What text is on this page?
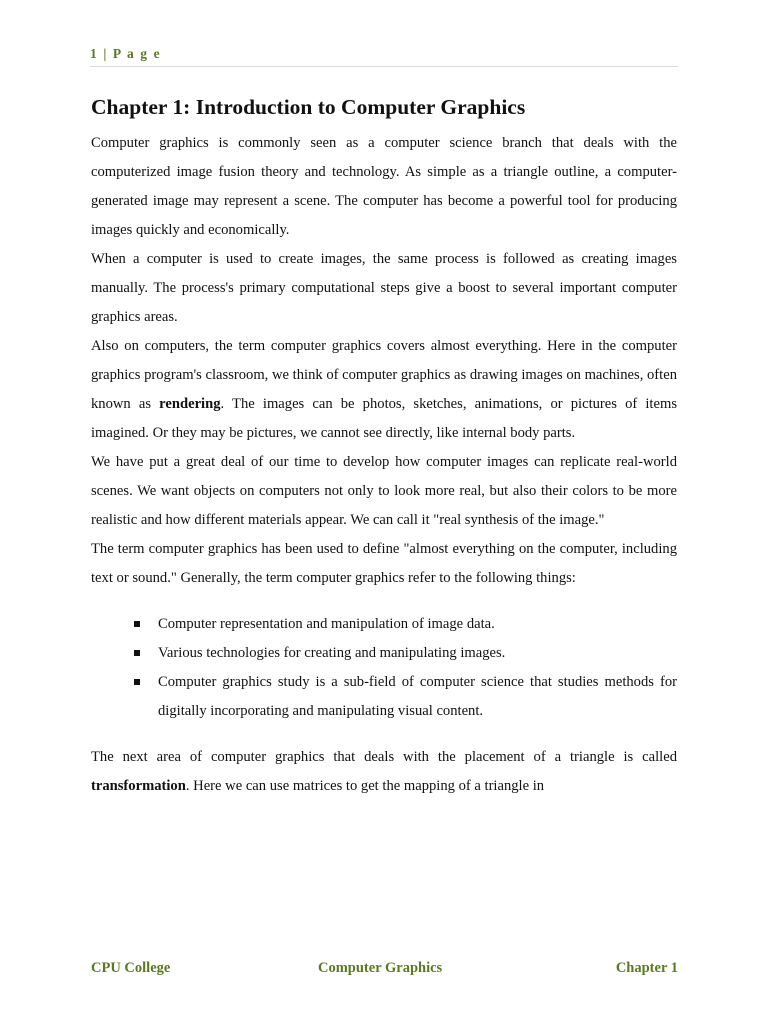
1 | P a g e
Chapter 1: Introduction to Computer Graphics

Computer graphics is commonly seen as a computer science branch that deals with the computerized image fusion theory and technology. As simple as a triangle outline, a computer-generated image may represent a scene. The computer has become a powerful tool for producing images quickly and economically.

When a computer is used to create images, the same process is followed as creating images manually. The process's primary computational steps give a boost to several important computer graphics areas.

Also on computers, the term computer graphics covers almost everything. Here in the computer graphics program's classroom, we think of computer graphics as drawing images on machines, often known as rendering. The images can be photos, sketches, animations, or pictures of items imagined. Or they may be pictures, we cannot see directly, like internal body parts.

We have put a great deal of our time to develop how computer images can replicate real-world scenes. We want objects on computers not only to look more real, but also their colors to be more realistic and how different materials appear. We can call it "real synthesis of the image."

The term computer graphics has been used to define "almost everything on the computer, including text or sound." Generally, the term computer graphics refer to the following things:

Computer representation and manipulation of image data.
Various technologies for creating and manipulating images.
Computer graphics study is a sub-field of computer science that studies methods for digitally incorporating and manipulating visual content.

The next area of computer graphics that deals with the placement of a triangle is called transformation. Here we can use matrices to get the mapping of a triangle in

CPU College	Computer Graphics	Chapter 1
